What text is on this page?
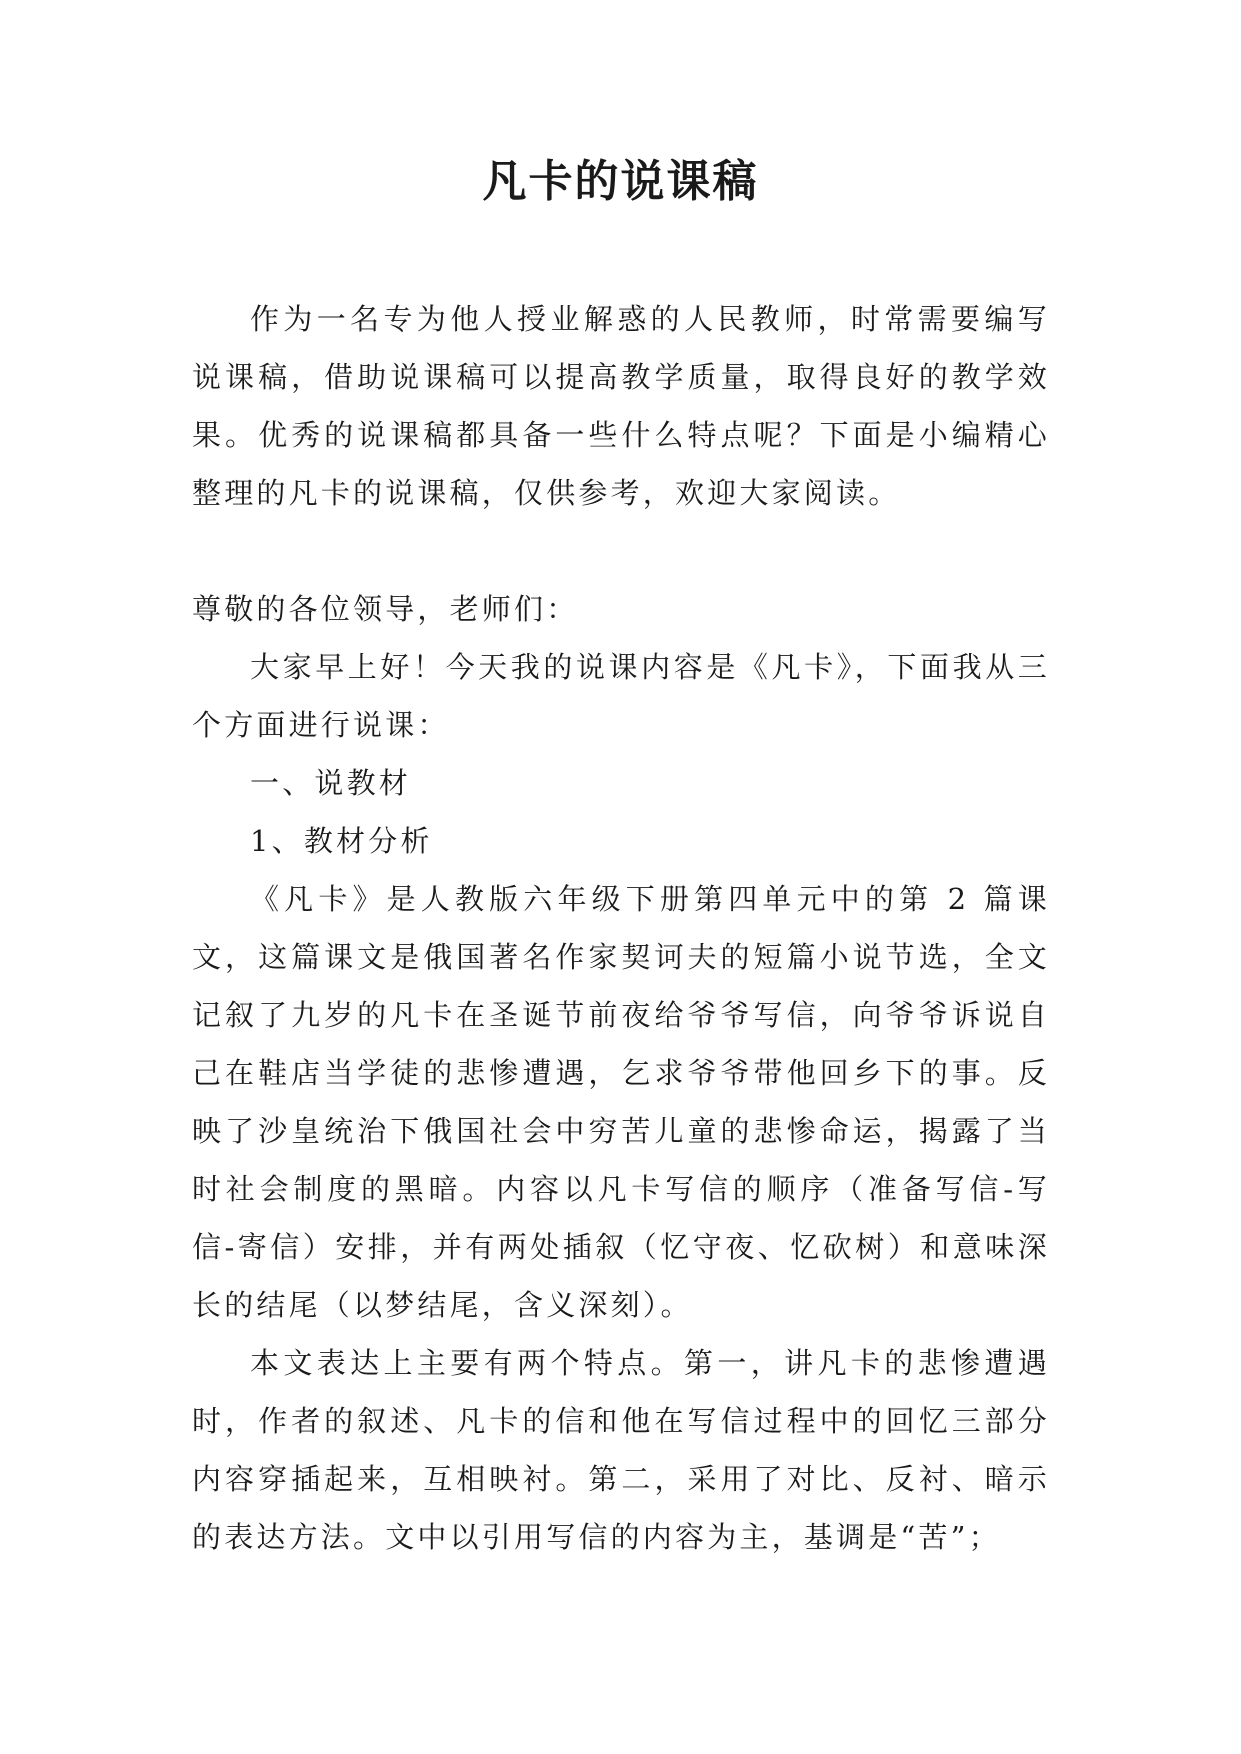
凡卡的说课稿

作为一名专为他人授业解惑的人民教师，时常需要编写说课稿，借助说课稿可以提高教学质量，取得良好的教学效果。优秀的说课稿都具备一些什么特点呢？下面是小编精心整理的凡卡的说课稿，仅供参考，欢迎大家阅读。

尊敬的各位领导，老师们：

大家早上好！今天我的说课内容是《凡卡》，下面我从三个方面进行说课：

一、说教材

1、教材分析

《凡卡》是人教版六年级下册第四单元中的第 2 篇课文，这篇课文是俄国著名作家契诃夫的短篇小说节选，全文记叙了九岁的凡卡在圣诞节前夜给爷爷写信，向爷爷诉说自己在鞋店当学徒的悲惨遭遇，乞求爷爷带他回乡下的事。反映了沙皇统治下俄国社会中穷苦儿童的悲惨命运，揭露了当时社会制度的黑暗。内容以凡卡写信的顺序（准备写信-写信-寄信）安排，并有两处插叙（忆守夜、忆砍树）和意味深长的结尾（以梦结尾，含义深刻）。

本文表达上主要有两个特点。第一，讲凡卡的悲惨遭遇时，作者的叙述、凡卡的信和他在写信过程中的回忆三部分内容穿插起来，互相映衬。第二，采用了对比、反衬、暗示的表达方法。文中以引用写信的内容为主，基调是“苦”；
